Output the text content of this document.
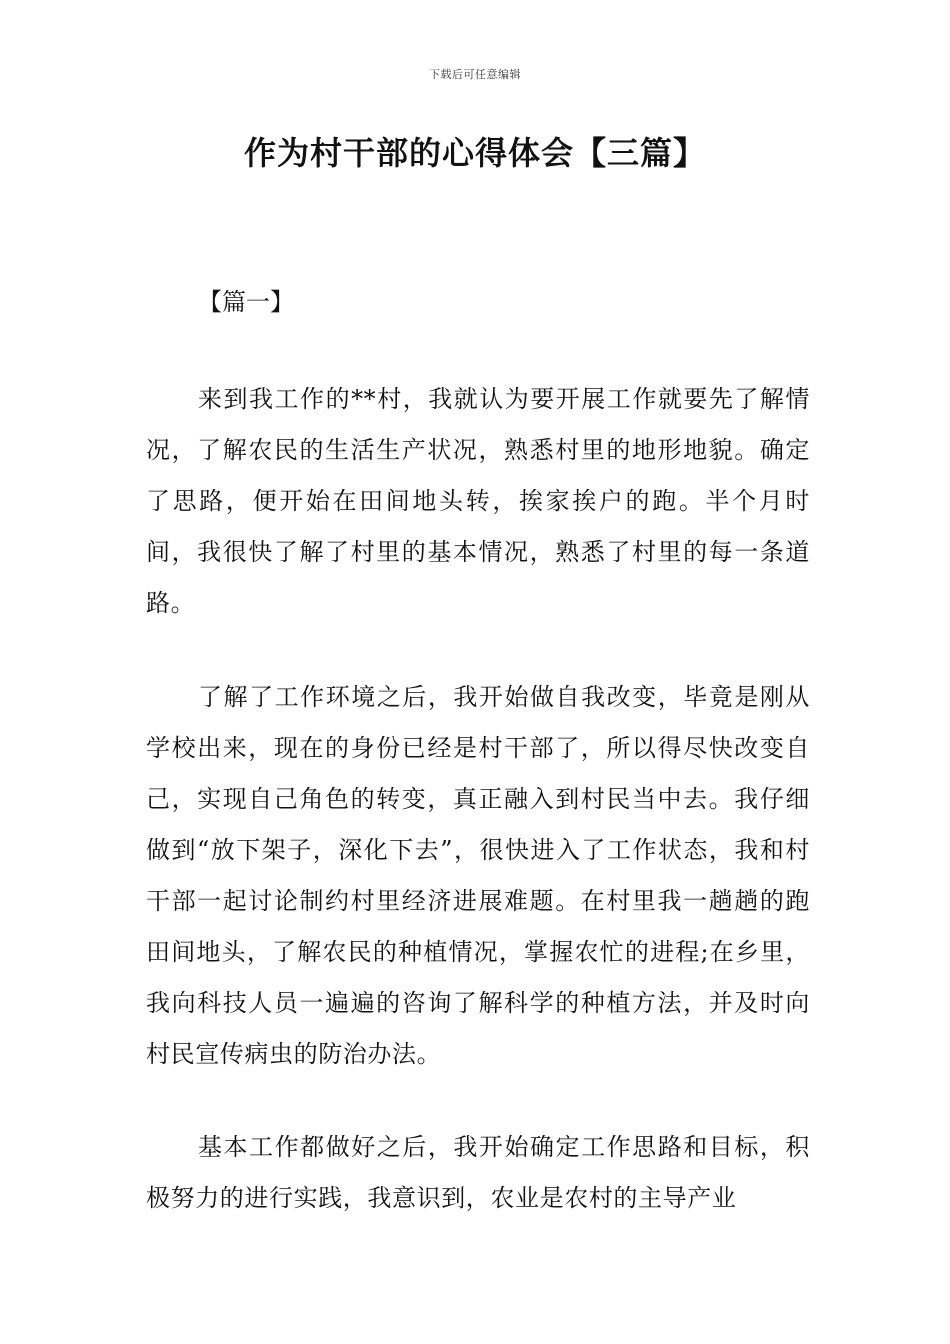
下载后可任意编辑
作为村干部的心得体会【三篇】
【篇一】

来到我工作的**村，我就认为要开展工作就要先了解情况，了解农民的生活生产状况，熟悉村里的地形地貌。确定了思路，便开始在田间地头转，挨家挨户的跑。半个月时间，我很快了解了村里的基本情况，熟悉了村里的每一条道路。

了解了工作环境之后，我开始做自我改变，毕竟是刚从学校出来，现在的身份已经是村干部了，所以得尽快改变自己，实现自己角色的转变，真正融入到村民当中去。我仔细做到“放下架子，深化下去”，很快进入了工作状态，我和村干部一起讨论制约村里经济进展难题。在村里我一趟趟的跑田间地头，了解农民的种植情况，掌握农忙的进程;在乡里，我向科技人员一遍遍的咨询了解科学的种植方法，并及时向村民宣传病虫的防治办法。

基本工作都做好之后，我开始确定工作思路和目标，积极努力的进行实践，我意识到，农业是农村的主导产业
